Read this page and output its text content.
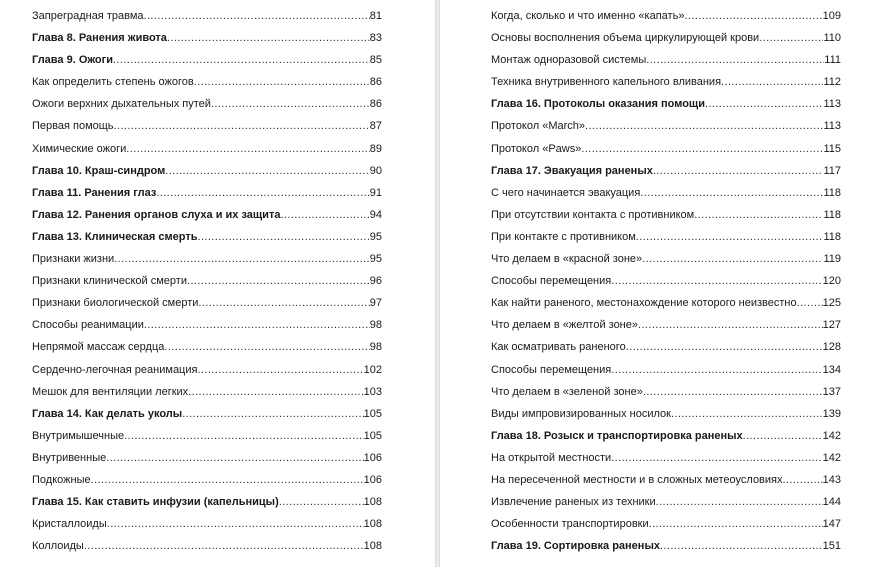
Запрегрaдная травма .....	81
Глава 8. Ранения живота .....	83
Глава 9. Ожоги .....	85
Как определить степень ожогов .....	86
Ожоги верхних дыхательных путей .....	86
Первая помощь .....	87
Химические ожоги .....	89
Глава 10. Краш-синдром .....	90
Глава 11. Ранения глаз .....	91
Глава 12. Ранения органов слуха и их защита .....	94
Глава 13. Клиническая смерть .....	95
Признаки жизни .....	95
Признаки клинической смерти .....	96
Признаки биологической смерти .....	97
Способы реанимации .....	98
Непрямой массаж сердца .....	98
Сердечно-легочная реанимация .....	102
Мешок для вентиляции легких .....	103
Глава 14. Как делать уколы .....	105
Внутримышечные .....	105
Внутривенные .....	106
Подкожные .....	106
Глава 15. Как ставить инфузии (капельницы) .....	108
Кристаллоиды .....	108
Коллоиды .....	108
Когда, сколько и что именно «капать» .....	109
Основы восполнения объема циркулирующей крови .....	110
Монтаж одноразовой системы .....	111
Техника внутривенного капельного вливания .....	112
Глава 16. Протоколы оказания помощи .....	113
Протокол «March» .....	113
Протокол «Paws» .....	115
Глава 17. Эвакуация раненых .....	117
С чего начинается эвакуация .....	118
При отсутствии контакта с противником .....	118
При контакте с противником .....	118
Что делаем в «красной зоне» .....	119
Способы перемещения .....	120
Как найти раненого, местонахождение которого неизвестно ..... 125
Что делаем в «желтой зоне» .....	127
Как осматривать раненого .....	128
Способы перемещения .....	134
Что делаем в «зеленой зоне» .....	137
Виды импровизированных носилок .....	139
Глава 18. Розыск и транспортировка раненых .....	142
На открытой местности .....	142
На пересеченной местности и в сложных метеоусловиях .....	143
Извлечение раненых из техники .....	144
Особенности транспортировки .....	147
Глава 19. Сортировка раненых .....	151
